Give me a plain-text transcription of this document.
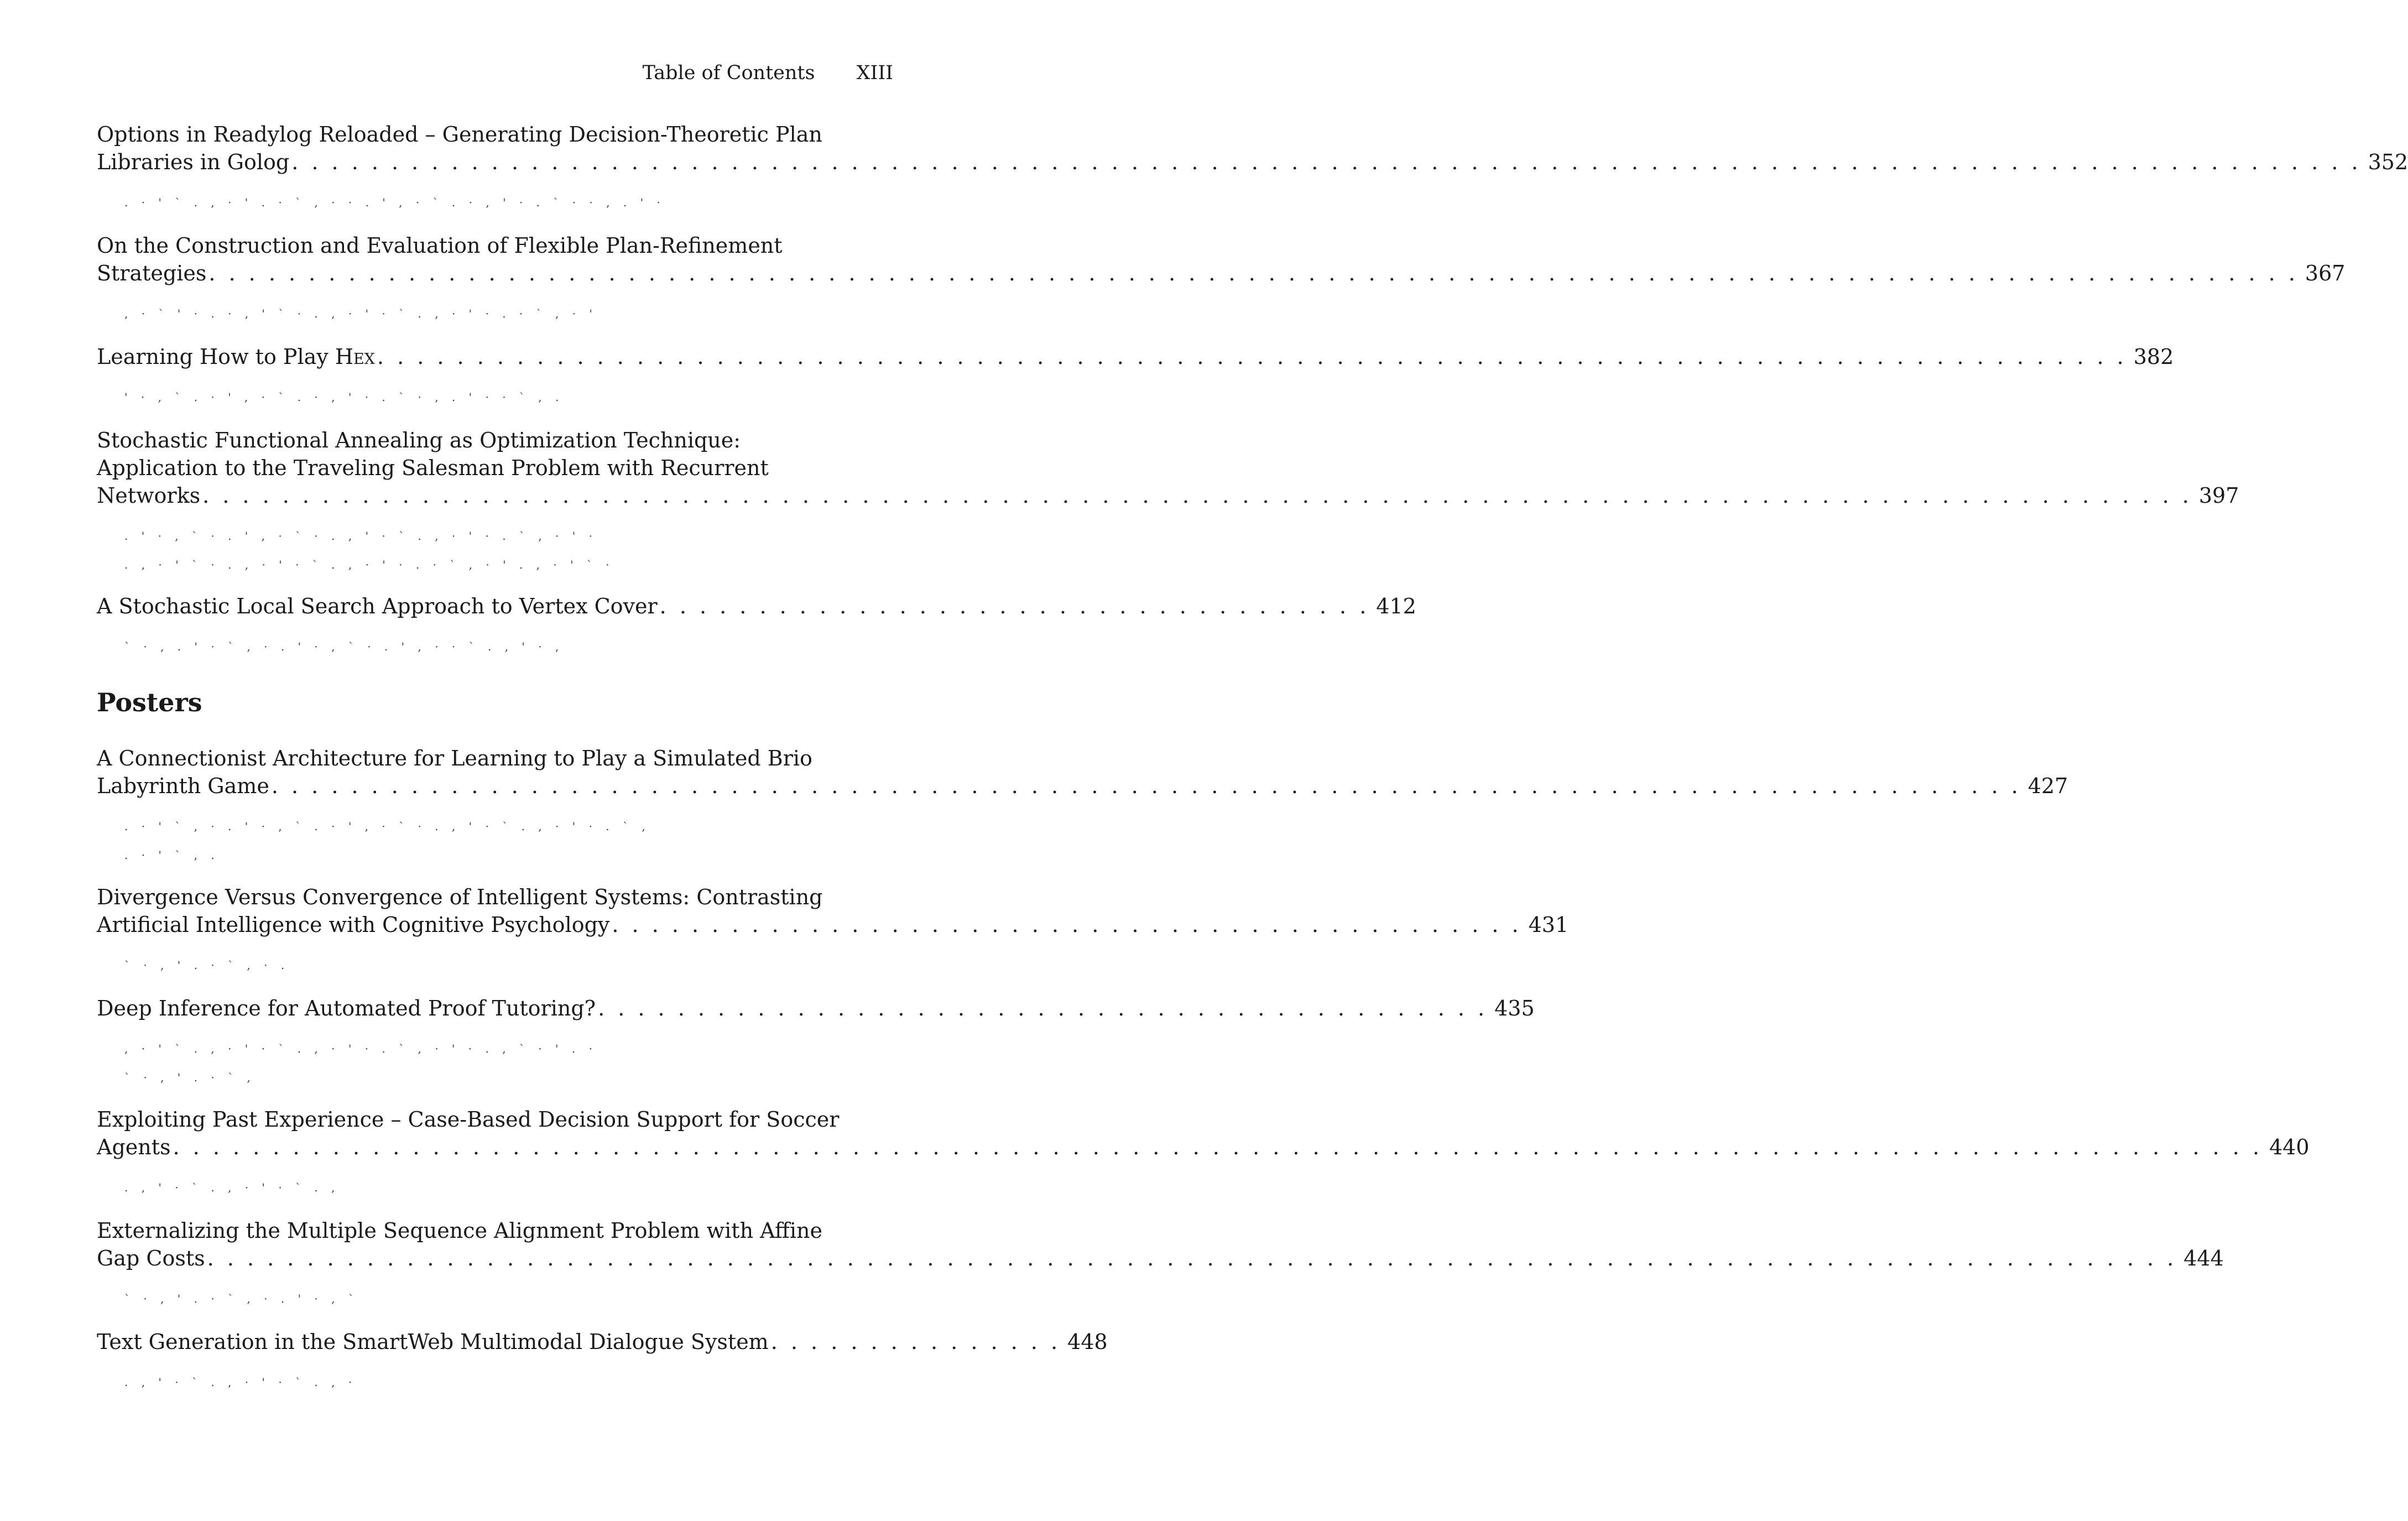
Table of Contents XIII
Options in Readylog Reloaded – Generating Decision-Theoretic Plan
Libraries in Golog . . . . . . . . . . . . . . . . . . . . . . . . . . . . . . . . . . . . . . . . . . . . . . . . . . . . . . . . . . . . . . . . . . . . . . . . . . . . . . . . . . . . . . . . . . . . . . . . . . . . . . . . 352
. · ' ` . , · ' . · ` , · · . ' , · ` . · , ' · . ` · · , . ' ·
On the Construction and Evaluation of Flexible Plan-Refinement
Strategies . . . . . . . . . . . . . . . . . . . . . . . . . . . . . . . . . . . . . . . . . . . . . . . . . . . . . . . . . . . . . . . . . . . . . . . . . . . . . . . . . . . . . . . . . . . . . . . . . . . . . . . . . 367
, · ` ' · . · , ' ` · . , · ' · ` . , · ' · . · ` , · '
Learning How to Play Hex . . . . . . . . . . . . . . . . . . . . . . . . . . . . . . . . . . . . . . . . . . . . . . . . . . . . . . . . . . . . . . . . . . . . . . . . . . . . . . . . . . . . . . . . 382
' · , ` . · ' , · ` . · , ' · . ` · , . ' · · ` , .
Stochastic Functional Annealing as Optimization Technique:
Application to the Traveling Salesman Problem with Recurrent
Networks . . . . . . . . . . . . . . . . . . . . . . . . . . . . . . . . . . . . . . . . . . . . . . . . . . . . . . . . . . . . . . . . . . . . . . . . . . . . . . . . . . . . . . . . . . . . . . . . . . . . 397
. ' · , ` · . ' , · ` · . , ' · ` . , · ' · . ` , · ' ·
. , · ' ` · . , · ' · ` . , · ' · . · ` , · ' . , · ' ` ·
A Stochastic Local Search Approach to Vertex Cover . . . . . . . . . . . . . . . . . . . . . . . . . . . . . . . . . . . . 412
` · , . ' · ` , · . ' · , ` · . ' , · · ` . , ' · ,
Posters
A Connectionist Architecture for Learning to Play a Simulated Brio
Labyrinth Game . . . . . . . . . . . . . . . . . . . . . . . . . . . . . . . . . . . . . . . . . . . . . . . . . . . . . . . . . . . . . . . . . . . . . . . . . . . . . . . . . . . . . . . . 427
. · ' ` , · . ' · , ` . · ' , · ` · . , ' · ` . , · ' · . ` ,
. · ' ` , .
Divergence Versus Convergence of Intelligent Systems: Contrasting
Artificial Intelligence with Cognitive Psychology . . . . . . . . . . . . . . . . . . . . . . . . . . . . . . . . . . . . . . . . . . . . . . 431
` · , ' . · ` , · .
Deep Inference for Automated Proof Tutoring? . . . . . . . . . . . . . . . . . . . . . . . . . . . . . . . . . . . . . . . . . . . . . 435
, · ' ` . , · ' · ` . , · ' · . ` , · ' · . , ` · ' . ·
` · , ' . · ` ,
Exploiting Past Experience – Case-Based Decision Support for Soccer
Agents . . . . . . . . . . . . . . . . . . . . . . . . . . . . . . . . . . . . . . . . . . . . . . . . . . . . . . . . . . . . . . . . . . . . . . . . . . . . . . . . . . . . . . . . . . . . . . . . . . . . . . . . . 440
. , ' · ` . , · ' · ` . ,
Externalizing the Multiple Sequence Alignment Problem with Affine
Gap Costs . . . . . . . . . . . . . . . . . . . . . . . . . . . . . . . . . . . . . . . . . . . . . . . . . . . . . . . . . . . . . . . . . . . . . . . . . . . . . . . . . . . . . . . . . . . . . . . . . . . 444
` · , ' . · ` , · . ' · , `
Text Generation in the SmartWeb Multimodal Dialogue System . . . . . . . . . . . . . . . 448
. , ' · ` . , · ' · ` . , ·
